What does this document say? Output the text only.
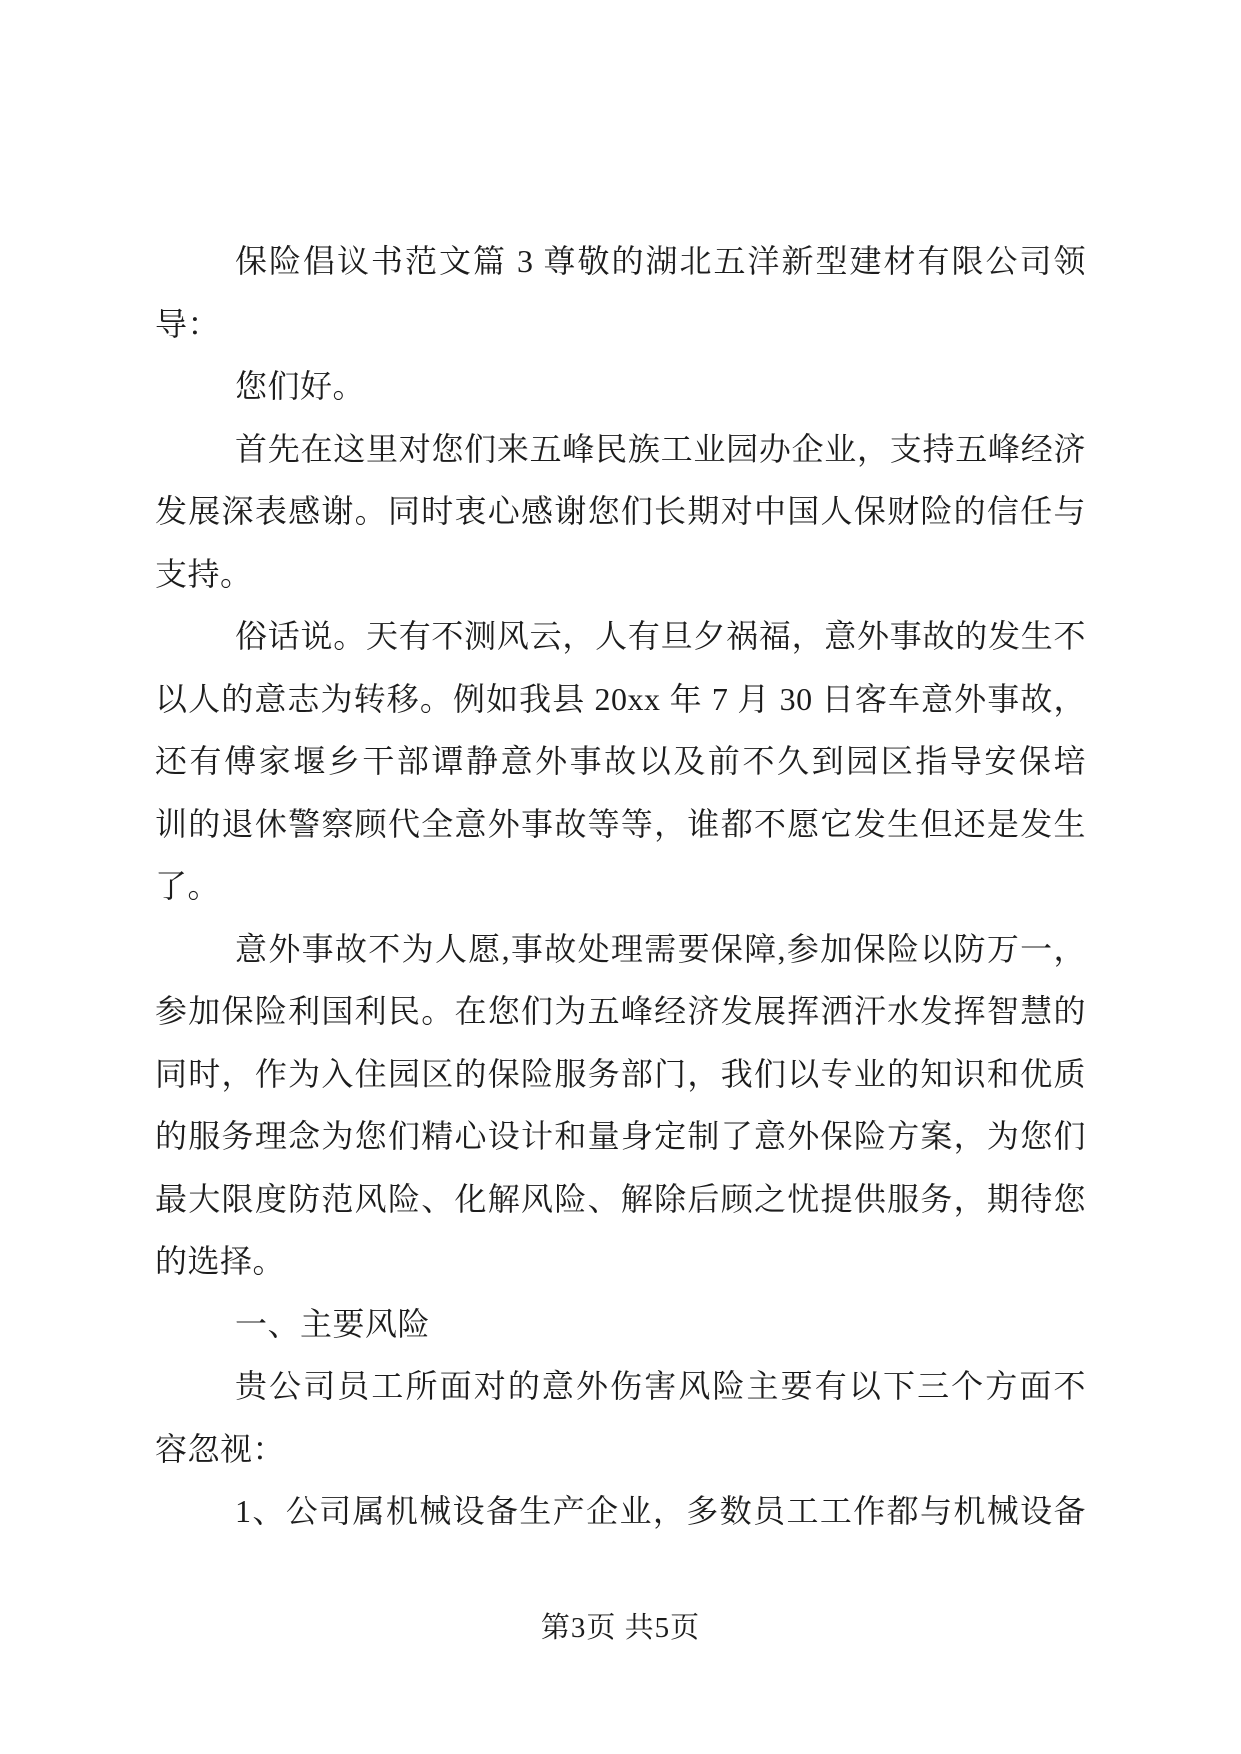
保险倡议书范文篇 3 尊敬的湖北五洋新型建材有限公司领
导：
您们好。
首先在这里对您们来五峰民族工业园办企业，支持五峰经济
发展深表感谢。同时衷心感谢您们长期对中国人保财险的信任与
支持。
俗话说。天有不测风云，人有旦夕祸福，意外事故的发生不
以人的意志为转移。例如我县 20xx 年 7 月 30 日客车意外事故，
还有傅家堰乡干部谭静意外事故以及前不久到园区指导安保培
训的退休警察顾代全意外事故等等，谁都不愿它发生但还是发生
了。
意外事故不为人愿,事故处理需要保障,参加保险以防万一，
参加保险利国利民。在您们为五峰经济发展挥洒汗水发挥智慧的
同时，作为入住园区的保险服务部门，我们以专业的知识和优质
的服务理念为您们精心设计和量身定制了意外保险方案，为您们
最大限度防范风险、化解风险、解除后顾之忧提供服务，期待您
的选择。
一、主要风险
贵公司员工所面对的意外伤害风险主要有以下三个方面不
容忽视：
1、公司属机械设备生产企业，多数员工工作都与机械设备
第3页 共5页
